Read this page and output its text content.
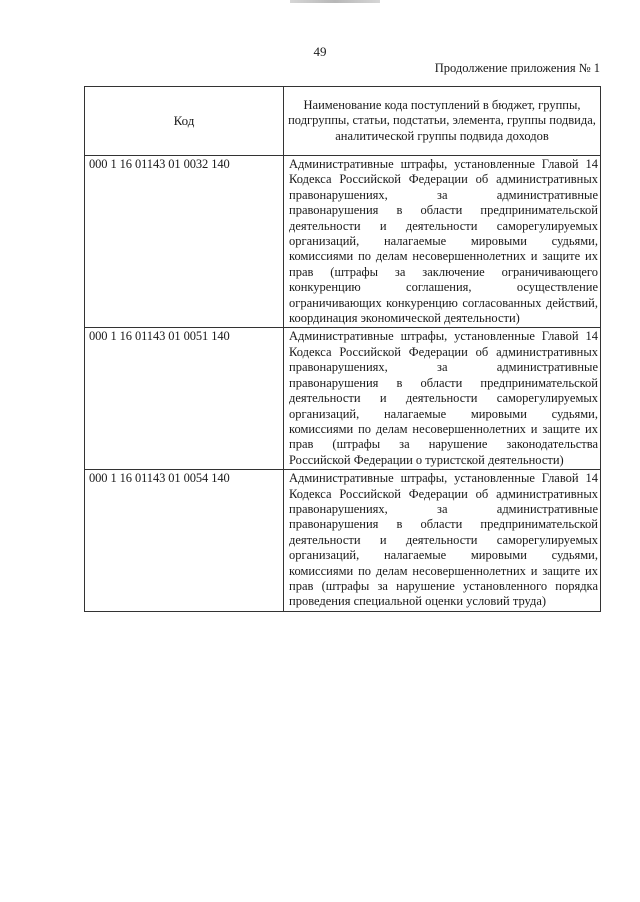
49
Продолжение приложения № 1
Код	Наименование кода поступлений в бюджет, группы, подгруппы, статьи, подстатьи, элемента, группы подвида, аналитической группы подвида доходов
000 1 16 01143 01 0032 140	Административные штрафы, установленные Главой 14 Кодекса Российской Федерации об административных правонарушениях, за административные правонарушения в области предпринимательской деятельности и деятельности саморегулируемых организаций, налагаемые мировыми судьями, комиссиями по делам несовершеннолетних и защите их прав (штрафы за заключение ограничивающего конкуренцию соглашения, осуществление ограничивающих конкуренцию согласованных действий, координация экономической деятельности)
000 1 16 01143 01 0051 140	Административные штрафы, установленные Главой 14 Кодекса Российской Федерации об административных правонарушениях, за административные правонарушения в области предпринимательской деятельности и деятельности саморегулируемых организаций, налагаемые мировыми судьями, комиссиями по делам несовершеннолетних и защите их прав (штрафы за нарушение законодательства Российской Федерации о туристской деятельности)
000 1 16 01143 01 0054 140	Административные штрафы, установленные Главой 14 Кодекса Российской Федерации об административных правонарушениях, за административные правонарушения в области предпринимательской деятельности и деятельности саморегулируемых организаций, налагаемые мировыми судьями, комиссиями по делам несовершеннолетних и защите их прав (штрафы за нарушение установленного порядка проведения специальной оценки условий труда)
